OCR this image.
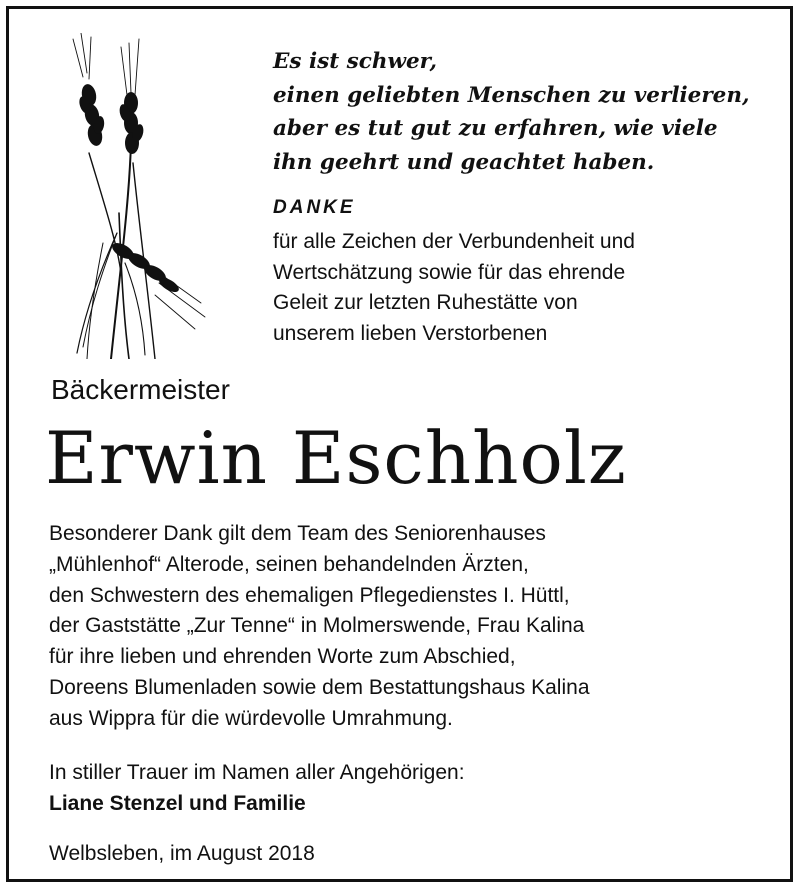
Es ist schwer,
einen geliebten Menschen zu verlieren,
aber es tut gut zu erfahren, wie viele
ihn geehrt und geachtet haben.

DANKE
für alle Zeichen der Verbundenheit und
Wertschätzung sowie für das ehrende
Geleit zur letzten Ruhestätte von
unserem lieben Verstorbenen
Bäckermeister
Erwin Eschholz
Besonderer Dank gilt dem Team des Seniorenhauses
„Mühlenhof“ Alterode, seinen behandelnden Ärzten,
den Schwestern des ehemaligen Pflegedienstes I. Hüttl,
der Gaststätte „Zur Tenne“ in Molmerswende, Frau Kalina
für ihre lieben und ehrenden Worte zum Abschied,
Doreens Blumenladen sowie dem Bestattungshaus Kalina
aus Wippra für die würdevolle Umrahmung.
In stiller Trauer im Namen aller Angehörigen:
Liane Stenzel und Familie
Welbsleben, im August 2018
